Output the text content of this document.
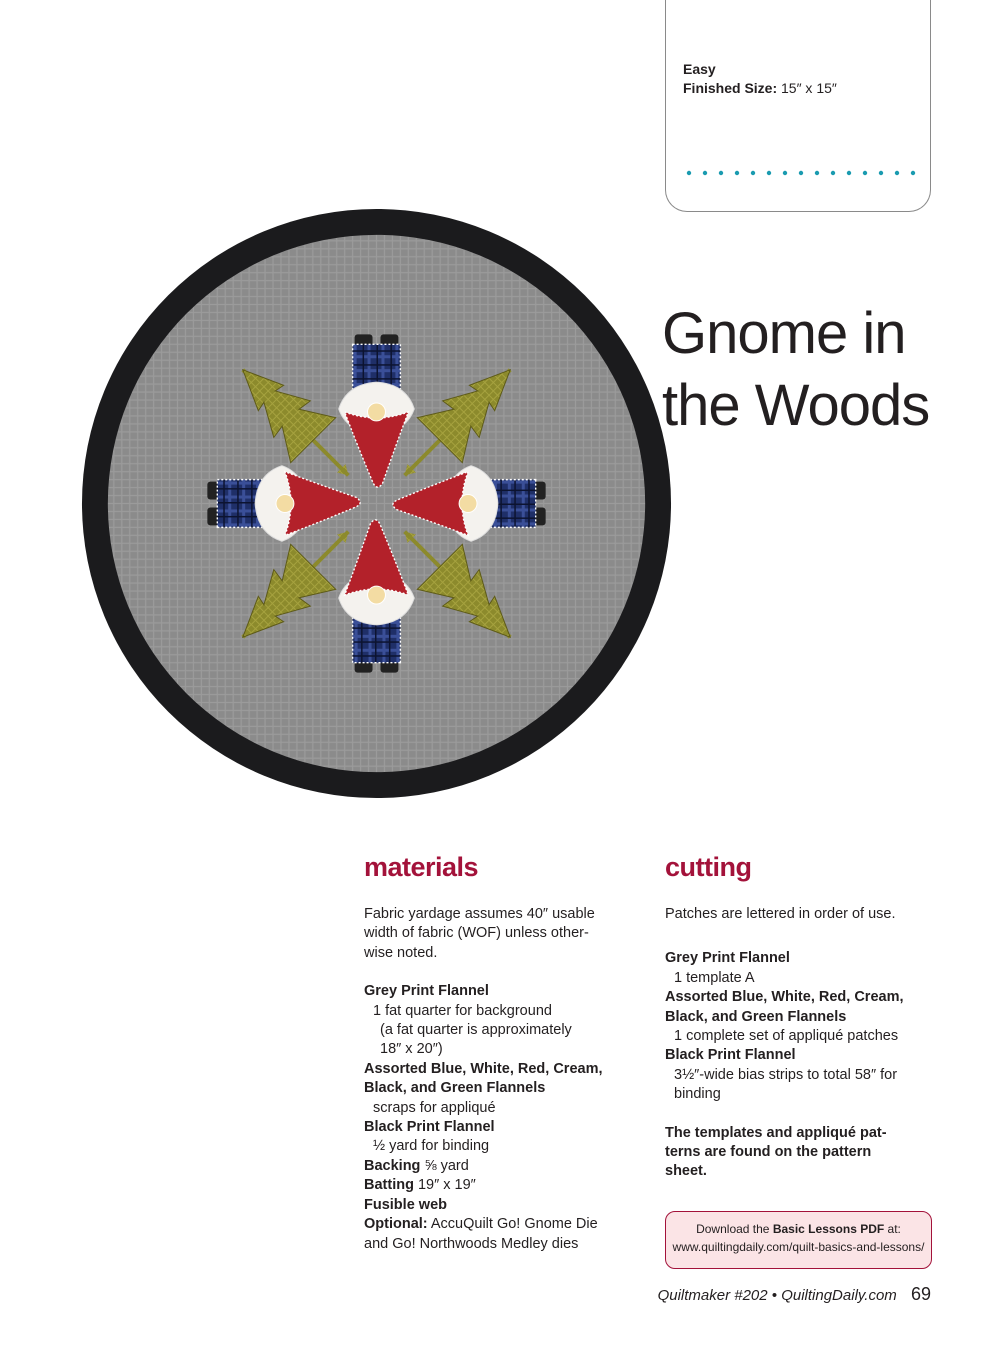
Easy
Finished Size: 15″ x 15″
Gnome in
the Woods
materials

Fabric yardage assumes 40″ usable

width of fabric (WOF) unless other-

wise noted.

Grey Print Flannel

1 fat quarter for background

(a fat quarter is approximately

18″ x 20″)

Assorted Blue, White, Red, Cream,

Black, and Green Flannels

scraps for appliqué

Black Print Flannel

½ yard for binding

Backing ⅝ yard

Batting 19″ x 19″

Fusible web

Optional: AccuQuilt Go! Gnome Die

and Go! Northwoods Medley dies

cutting

Patches are lettered in order of use.

Grey Print Flannel

1 template A

Assorted Blue, White, Red, Cream,

Black, and Green Flannels

1 complete set of appliqué patches

Black Print Flannel

3½″-wide bias strips to total 58″ for

binding

The templates and appliqué pat-

terns are found on the pattern

sheet.

Download the Basic Lessons PDF at:
www.quiltingdaily.com/quilt-basics-and-lessons/
Quiltmaker #202 • QuiltingDaily.com 69
